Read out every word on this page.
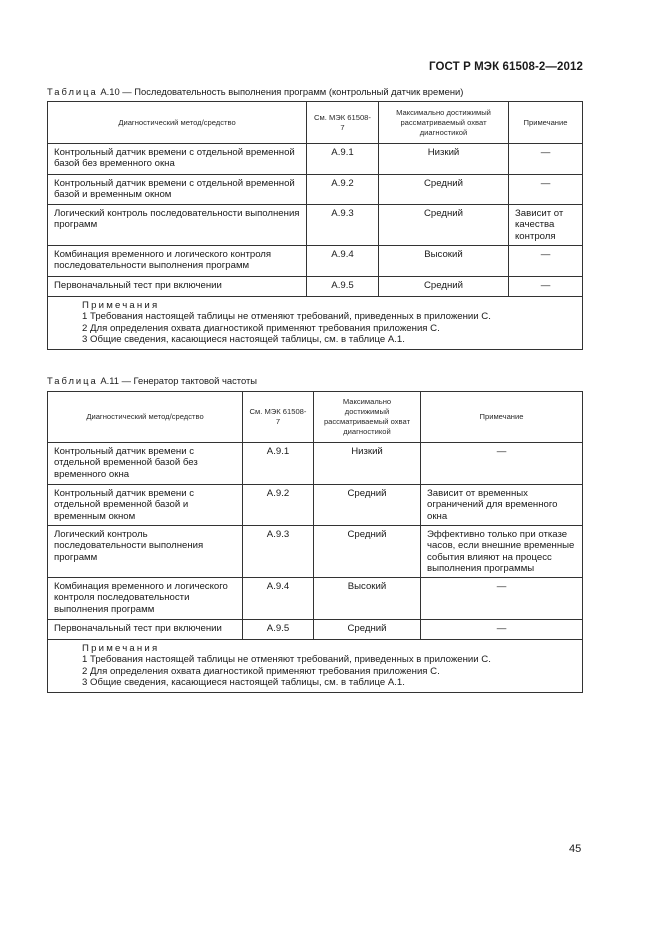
ГОСТ Р МЭК 61508-2—2012
Таблица А.10 — Последовательность выполнения программ (контрольный датчик времени)
Диагностический метод/средство	См. МЭК 61508-7	Максимально достижимый рассматриваемый охват диагностикой	Примечание
Контрольный датчик времени с отдельной временной базой без временного окна	А.9.1	Низкий	—
Контрольный датчик времени с отдельной временной базой и временным окном	А.9.2	Средний	—
Логический контроль последовательности выполнения программ	А.9.3	Средний	Зависит от качества контроля
Комбинация временного и логического контроля последовательности выполнения программ	А.9.4	Высокий	—
Первоначальный тест при включении	А.9.5	Средний	—

Примечания
1 Требования настоящей таблицы не отменяют требований, приведенных в приложении С.
2 Для определения охвата диагностикой применяют требования приложения С.
3 Общие сведения, касающиеся настоящей таблицы, см. в таблице А.1.			
Таблица А.11 — Генератор тактовой частоты
Диагностический метод/средство	См. МЭК 61508-7	Максимально достижимый рассматриваемый охват диагностикой	Примечание
Контрольный датчик времени с отдельной временной базой без временного окна	А.9.1	Низкий	—
Контрольный датчик времени с отдельной временной базой и временным окном	А.9.2	Средний	Зависит от временных ограничений для временного окна
Логический контроль последовательности выполнения программ	А.9.3	Средний	Эффективно только при отказе часов, если внешние временные события влияют на процесс выполнения программы
Комбинация временного и логического контроля последовательности выполнения программ	А.9.4	Высокий	—
Первоначальный тест при включении	А.9.5	Средний	—

Примечания
1 Требования настоящей таблицы не отменяют требований, приведенных в приложении С.
2 Для определения охвата диагностикой применяют требования приложения С.
3 Общие сведения, касающиеся настоящей таблицы, см. в таблице А.1.			
45
